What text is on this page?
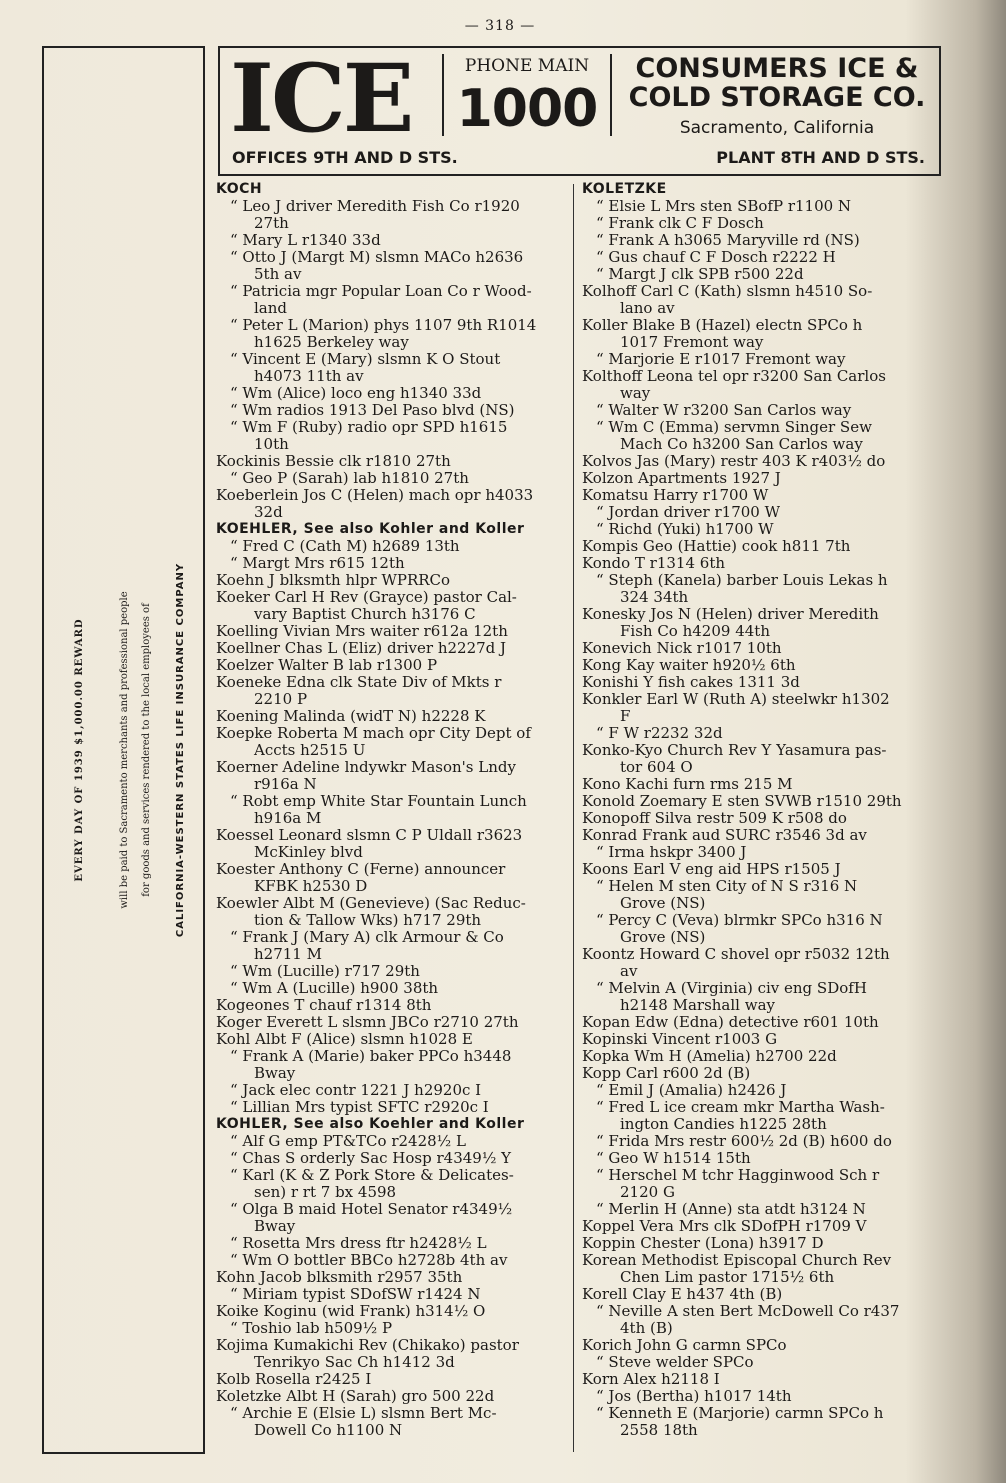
— 318 —
EVERY DAY OF 1939 $1,000.00 REWARD	will be paid to Sacramento merchants and professional people	for goods and services rendered to the local employees of	CALIFORNIA-WESTERN STATES LIFE INSURANCE COMPANY
ICE
OFFICES 9TH AND D STS.
PHONE MAIN
1000
CONSUMERS ICE &
COLD STORAGE CO.
Sacramento, California
PLANT 8TH AND D STS.
KOCH
“ Leo J driver Meredith Fish Co r1920
27th
“ Mary L r1340 33d
“ Otto J (Margt M) slsmn MACo h2636
5th av
“ Patricia mgr Popular Loan Co r Wood-
land
“ Peter L (Marion) phys 1107 9th R1014
h1625 Berkeley way
“ Vincent E (Mary) slsmn K O Stout
h4073 11th av
“ Wm (Alice) loco eng h1340 33d
“ Wm radios 1913 Del Paso blvd (NS)
“ Wm F (Ruby) radio opr SPD h1615
10th
Kockinis Bessie clk r1810 27th
“ Geo P (Sarah) lab h1810 27th
Koeberlein Jos C (Helen) mach opr h4033
32d
KOEHLER, See also Kohler and Koller
“ Fred C (Cath M) h2689 13th
“ Margt Mrs r615 12th
Koehn J blksmth hlpr WPRRCo
Koeker Carl H Rev (Grayce) pastor Cal-
vary Baptist Church h3176 C
Koelling Vivian Mrs waiter r612a 12th
Koellner Chas L (Eliz) driver h2227d J
Koelzer Walter B lab r1300 P
Koeneke Edna clk State Div of Mkts r
2210 P
Koening Malinda (widT N) h2228 K
Koepke Roberta M mach opr City Dept of
Accts h2515 U
Koerner Adeline lndywkr Mason's Lndy
r916a N
“ Robt emp White Star Fountain Lunch
h916a M
Koessel Leonard slsmn C P Uldall r3623
McKinley blvd
Koester Anthony C (Ferne) announcer
KFBK h2530 D
Koewler Albt M (Genevieve) (Sac Reduc-
tion & Tallow Wks) h717 29th
“ Frank J (Mary A) clk Armour & Co
h2711 M
“ Wm (Lucille) r717 29th
“ Wm A (Lucille) h900 38th
Kogeones T chauf r1314 8th
Koger Everett L slsmn JBCo r2710 27th
Kohl Albt F (Alice) slsmn h1028 E
“ Frank A (Marie) baker PPCo h3448
Bway
“ Jack elec contr 1221 J h2920c I
“ Lillian Mrs typist SFTC r2920c I
KOHLER, See also Koehler and Koller
“ Alf G emp PT&TCo r2428½ L
“ Chas S orderly Sac Hosp r4349½ Y
“ Karl (K & Z Pork Store & Delicates-
sen) r rt 7 bx 4598
“ Olga B maid Hotel Senator r4349½
Bway
“ Rosetta Mrs dress ftr h2428½ L
“ Wm O bottler BBCo h2728b 4th av
Kohn Jacob blksmith r2957 35th
“ Miriam typist SDofSW r1424 N
Koike Koginu (wid Frank) h314½ O
“ Toshio lab h509½ P
Kojima Kumakichi Rev (Chikako) pastor
Tenrikyo Sac Ch h1412 3d
Kolb Rosella r2425 I
Koletzke Albt H (Sarah) gro 500 22d
“ Archie E (Elsie L) slsmn Bert Mc-
Dowell Co h1100 N
KOLETZKE
“ Elsie L Mrs sten SBofP r1100 N
“ Frank clk C F Dosch
“ Frank A h3065 Maryville rd (NS)
“ Gus chauf C F Dosch r2222 H
“ Margt J clk SPB r500 22d
Kolhoff Carl C (Kath) slsmn h4510 So-
lano av
Koller Blake B (Hazel) electn SPCo h
1017 Fremont way
“ Marjorie E r1017 Fremont way
Kolthoff Leona tel opr r3200 San Carlos
way
“ Walter W r3200 San Carlos way
“ Wm C (Emma) servmn Singer Sew
Mach Co h3200 San Carlos way
Kolvos Jas (Mary) restr 403 K r403½ do
Kolzon Apartments 1927 J
Komatsu Harry r1700 W
“ Jordan driver r1700 W
“ Richd (Yuki) h1700 W
Kompis Geo (Hattie) cook h811 7th
Kondo T r1314 6th
“ Steph (Kanela) barber Louis Lekas h
324 34th
Konesky Jos N (Helen) driver Meredith
Fish Co h4209 44th
Konevich Nick r1017 10th
Kong Kay waiter h920½ 6th
Konishi Y fish cakes 1311 3d
Konkler Earl W (Ruth A) steelwkr h1302
F
“ F W r2232 32d
Konko-Kyo Church Rev Y Yasamura pas-
tor 604 O
Kono Kachi furn rms 215 M
Konold Zoemary E sten SVWB r1510 29th
Konopoff Silva restr 509 K r508 do
Konrad Frank aud SURC r3546 3d av
“ Irma hskpr 3400 J
Koons Earl V eng aid HPS r1505 J
“ Helen M sten City of N S r316 N
Grove (NS)
“ Percy C (Veva) blrmkr SPCo h316 N
Grove (NS)
Koontz Howard C shovel opr r5032 12th
av
“ Melvin A (Virginia) civ eng SDofH
h2148 Marshall way
Kopan Edw (Edna) detective r601 10th
Kopinski Vincent r1003 G
Kopka Wm H (Amelia) h2700 22d
Kopp Carl r600 2d (B)
“ Emil J (Amalia) h2426 J
“ Fred L ice cream mkr Martha Wash-
ington Candies h1225 28th
“ Frida Mrs restr 600½ 2d (B) h600 do
“ Geo W h1514 15th
“ Herschel M tchr Hagginwood Sch r
2120 G
“ Merlin H (Anne) sta atdt h3124 N
Koppel Vera Mrs clk SDofPH r1709 V
Koppin Chester (Lona) h3917 D
Korean Methodist Episcopal Church Rev
Chen Lim pastor 1715½ 6th
Korell Clay E h437 4th (B)
“ Neville A sten Bert McDowell Co r437
4th (B)
Korich John G carmn SPCo
“ Steve welder SPCo
Korn Alex h2118 I
“ Jos (Bertha) h1017 14th
“ Kenneth E (Marjorie) carmn SPCo h
2558 18th
